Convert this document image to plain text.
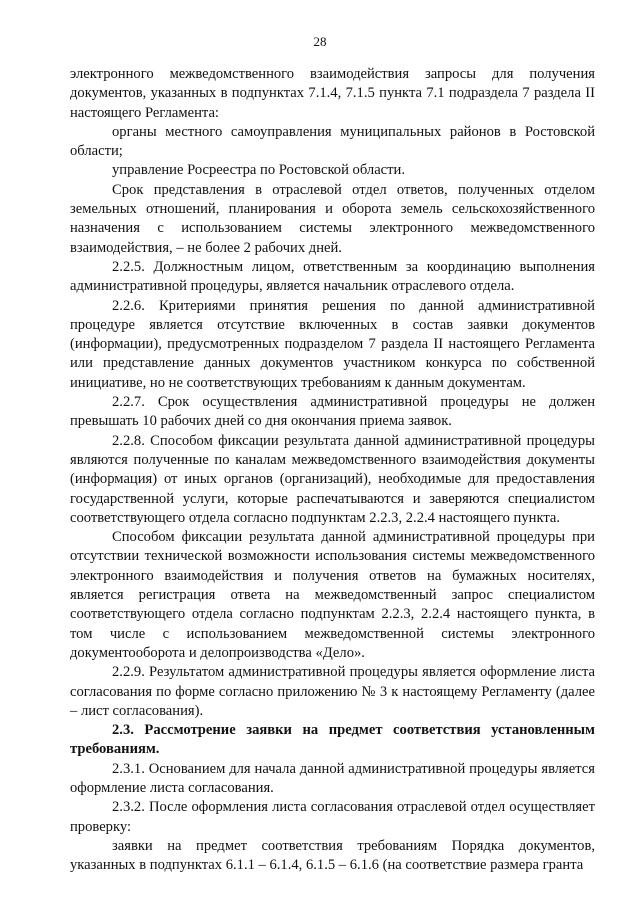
28

электронного межведомственного взаимодействия запросы для получения документов, указанных в подпунктах 7.1.4, 7.1.5 пункта 7.1 подраздела 7 раздела II настоящего Регламента:

органы местного самоуправления муниципальных районов в Ростовской области;

управление Росреестра по Ростовской области.

Срок представления в отраслевой отдел ответов, полученных отделом земельных отношений, планирования и оборота земель сельскохозяйственного назначения с использованием системы электронного межведомственного взаимодействия, – не более 2 рабочих дней.

2.2.5. Должностным лицом, ответственным за координацию выполнения административной процедуры, является начальник отраслевого отдела.

2.2.6. Критериями принятия решения по данной административной процедуре является отсутствие включенных в состав заявки документов (информации), предусмотренных подразделом 7 раздела II настоящего Регламента или представление данных документов участником конкурса по собственной инициативе, но не соответствующих требованиям к данным документам.

2.2.7. Срок осуществления административной процедуры не должен превышать 10 рабочих дней со дня окончания приема заявок.

2.2.8. Способом фиксации результата данной административной процедуры являются полученные по каналам межведомственного взаимодействия документы (информация) от иных органов (организаций), необходимые для предоставления государственной услуги, которые распечатываются и заверяются специалистом соответствующего отдела согласно подпунктам 2.2.3, 2.2.4 настоящего пункта.

Способом фиксации результата данной административной процедуры при отсутствии технической возможности использования системы межведомственного электронного взаимодействия и получения ответов на бумажных носителях, является регистрация ответа на межведомственный запрос специалистом соответствующего отдела согласно подпунктам 2.2.3, 2.2.4 настоящего пункта, в том числе с использованием межведомственной системы электронного документооборота и делопроизводства «Дело».

2.2.9. Результатом административной процедуры является оформление листа согласования по форме согласно приложению № 3 к настоящему Регламенту (далее – лист согласования).

2.3. Рассмотрение заявки на предмет соответствия установленным требованиям.

2.3.1. Основанием для начала данной административной процедуры является оформление листа согласования.

2.3.2. После оформления листа согласования отраслевой отдел осуществляет проверку:

заявки на предмет соответствия требованиям Порядка документов, указанных в подпунктах 6.1.1 – 6.1.4, 6.1.5 – 6.1.6 (на соответствие размера гранта
